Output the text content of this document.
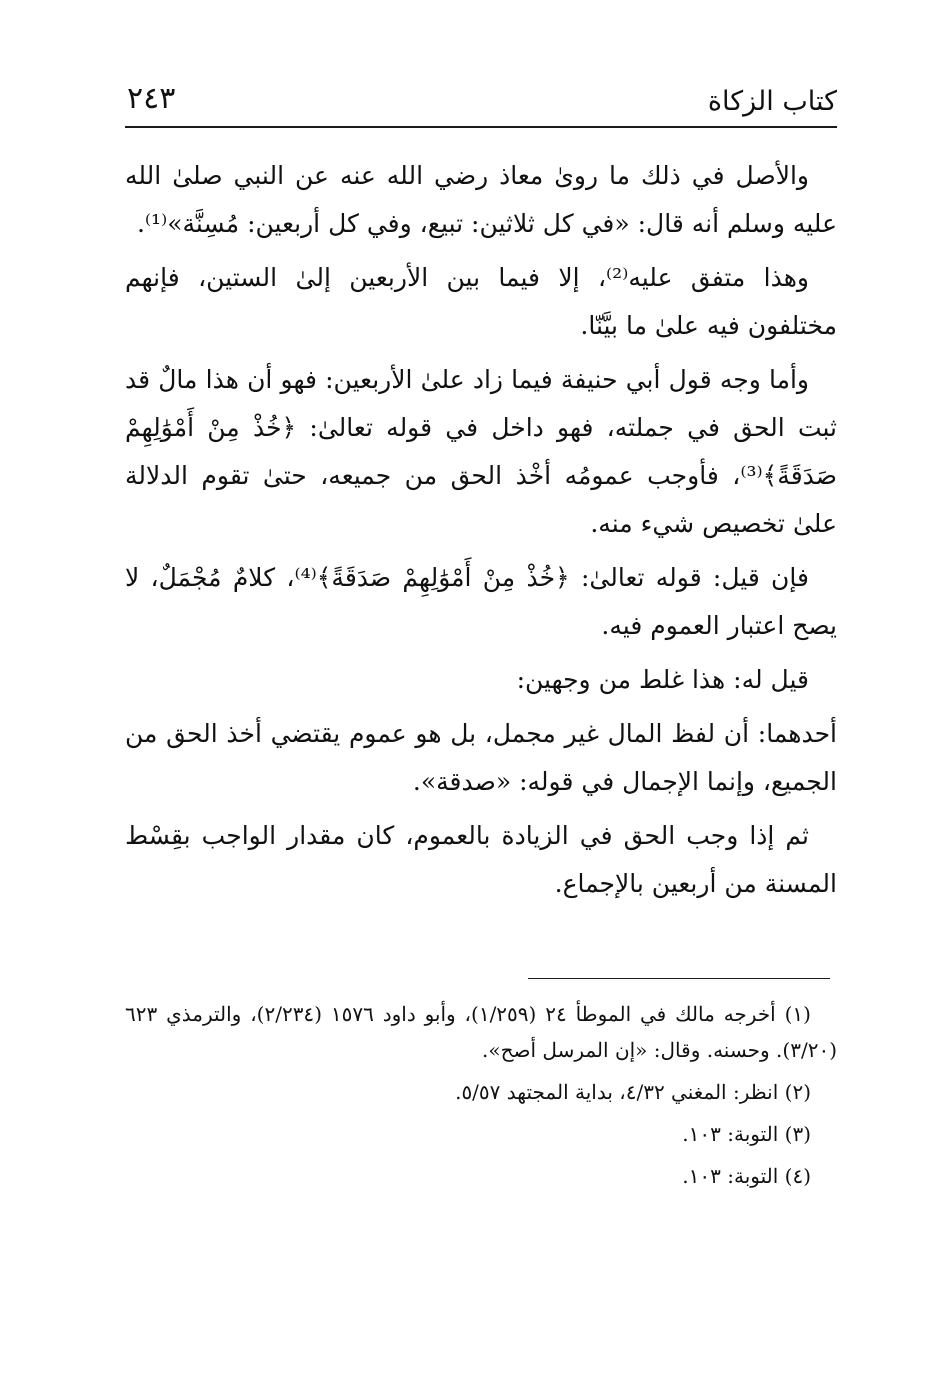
كتاب الزكاة
٢٤٣

والأصل في ذلك ما روىٰ معاذ رضي الله عنه عن النبي صلىٰ الله عليه وسلم أنه قال: «في كل ثلاثين: تبيع، وفي كل أربعين: مُسِنَّة»⁽¹⁾.

وهذا متفق عليه⁽²⁾، إلا فيما بين الأربعين إلىٰ الستين، فإنهم مختلفون فيه علىٰ ما بيَّنّا.

وأما وجه قول أبي حنيفة فيما زاد علىٰ الأربعين: فهو أن هذا مالٌ قد ثبت الحق في جملته، فهو داخل في قوله تعالىٰ: ﴿خُذْ مِنْ أَمْوَٰلِهِمْ صَدَقَةً﴾⁽³⁾، فأوجب عمومُه أخْذ الحق من جميعه، حتىٰ تقوم الدلالة علىٰ تخصيص شيء منه.

فإن قيل: قوله تعالىٰ: ﴿خُذْ مِنْ أَمْوَٰلِهِمْ صَدَقَةً﴾⁽⁴⁾، كلامٌ مُجْمَلٌ، لا يصح اعتبار العموم فيه.

قيل له: هذا غلط من وجهين:

أحدهما: أن لفظ المال غير مجمل، بل هو عموم يقتضي أخذ الحق من الجميع، وإنما الإجمال في قوله: «صدقة».

ثم إذا وجب الحق في الزيادة بالعموم، كان مقدار الواجب بقِسْط المسنة من أربعين بالإجماع.

(١) أخرجه مالك في الموطأ ٢٤ (١/٢٥٩)، وأبو داود ١٥٧٦ (٢/٢٣٤)، والترمذي ٦٢٣ (٣/٢٠). وحسنه. وقال: «إن المرسل أصح».

(٢) انظر: المغني ٤/٣٢، بداية المجتهد ٥/٥٧.

(٣) التوبة: ١٠٣.

(٤) التوبة: ١٠٣.
